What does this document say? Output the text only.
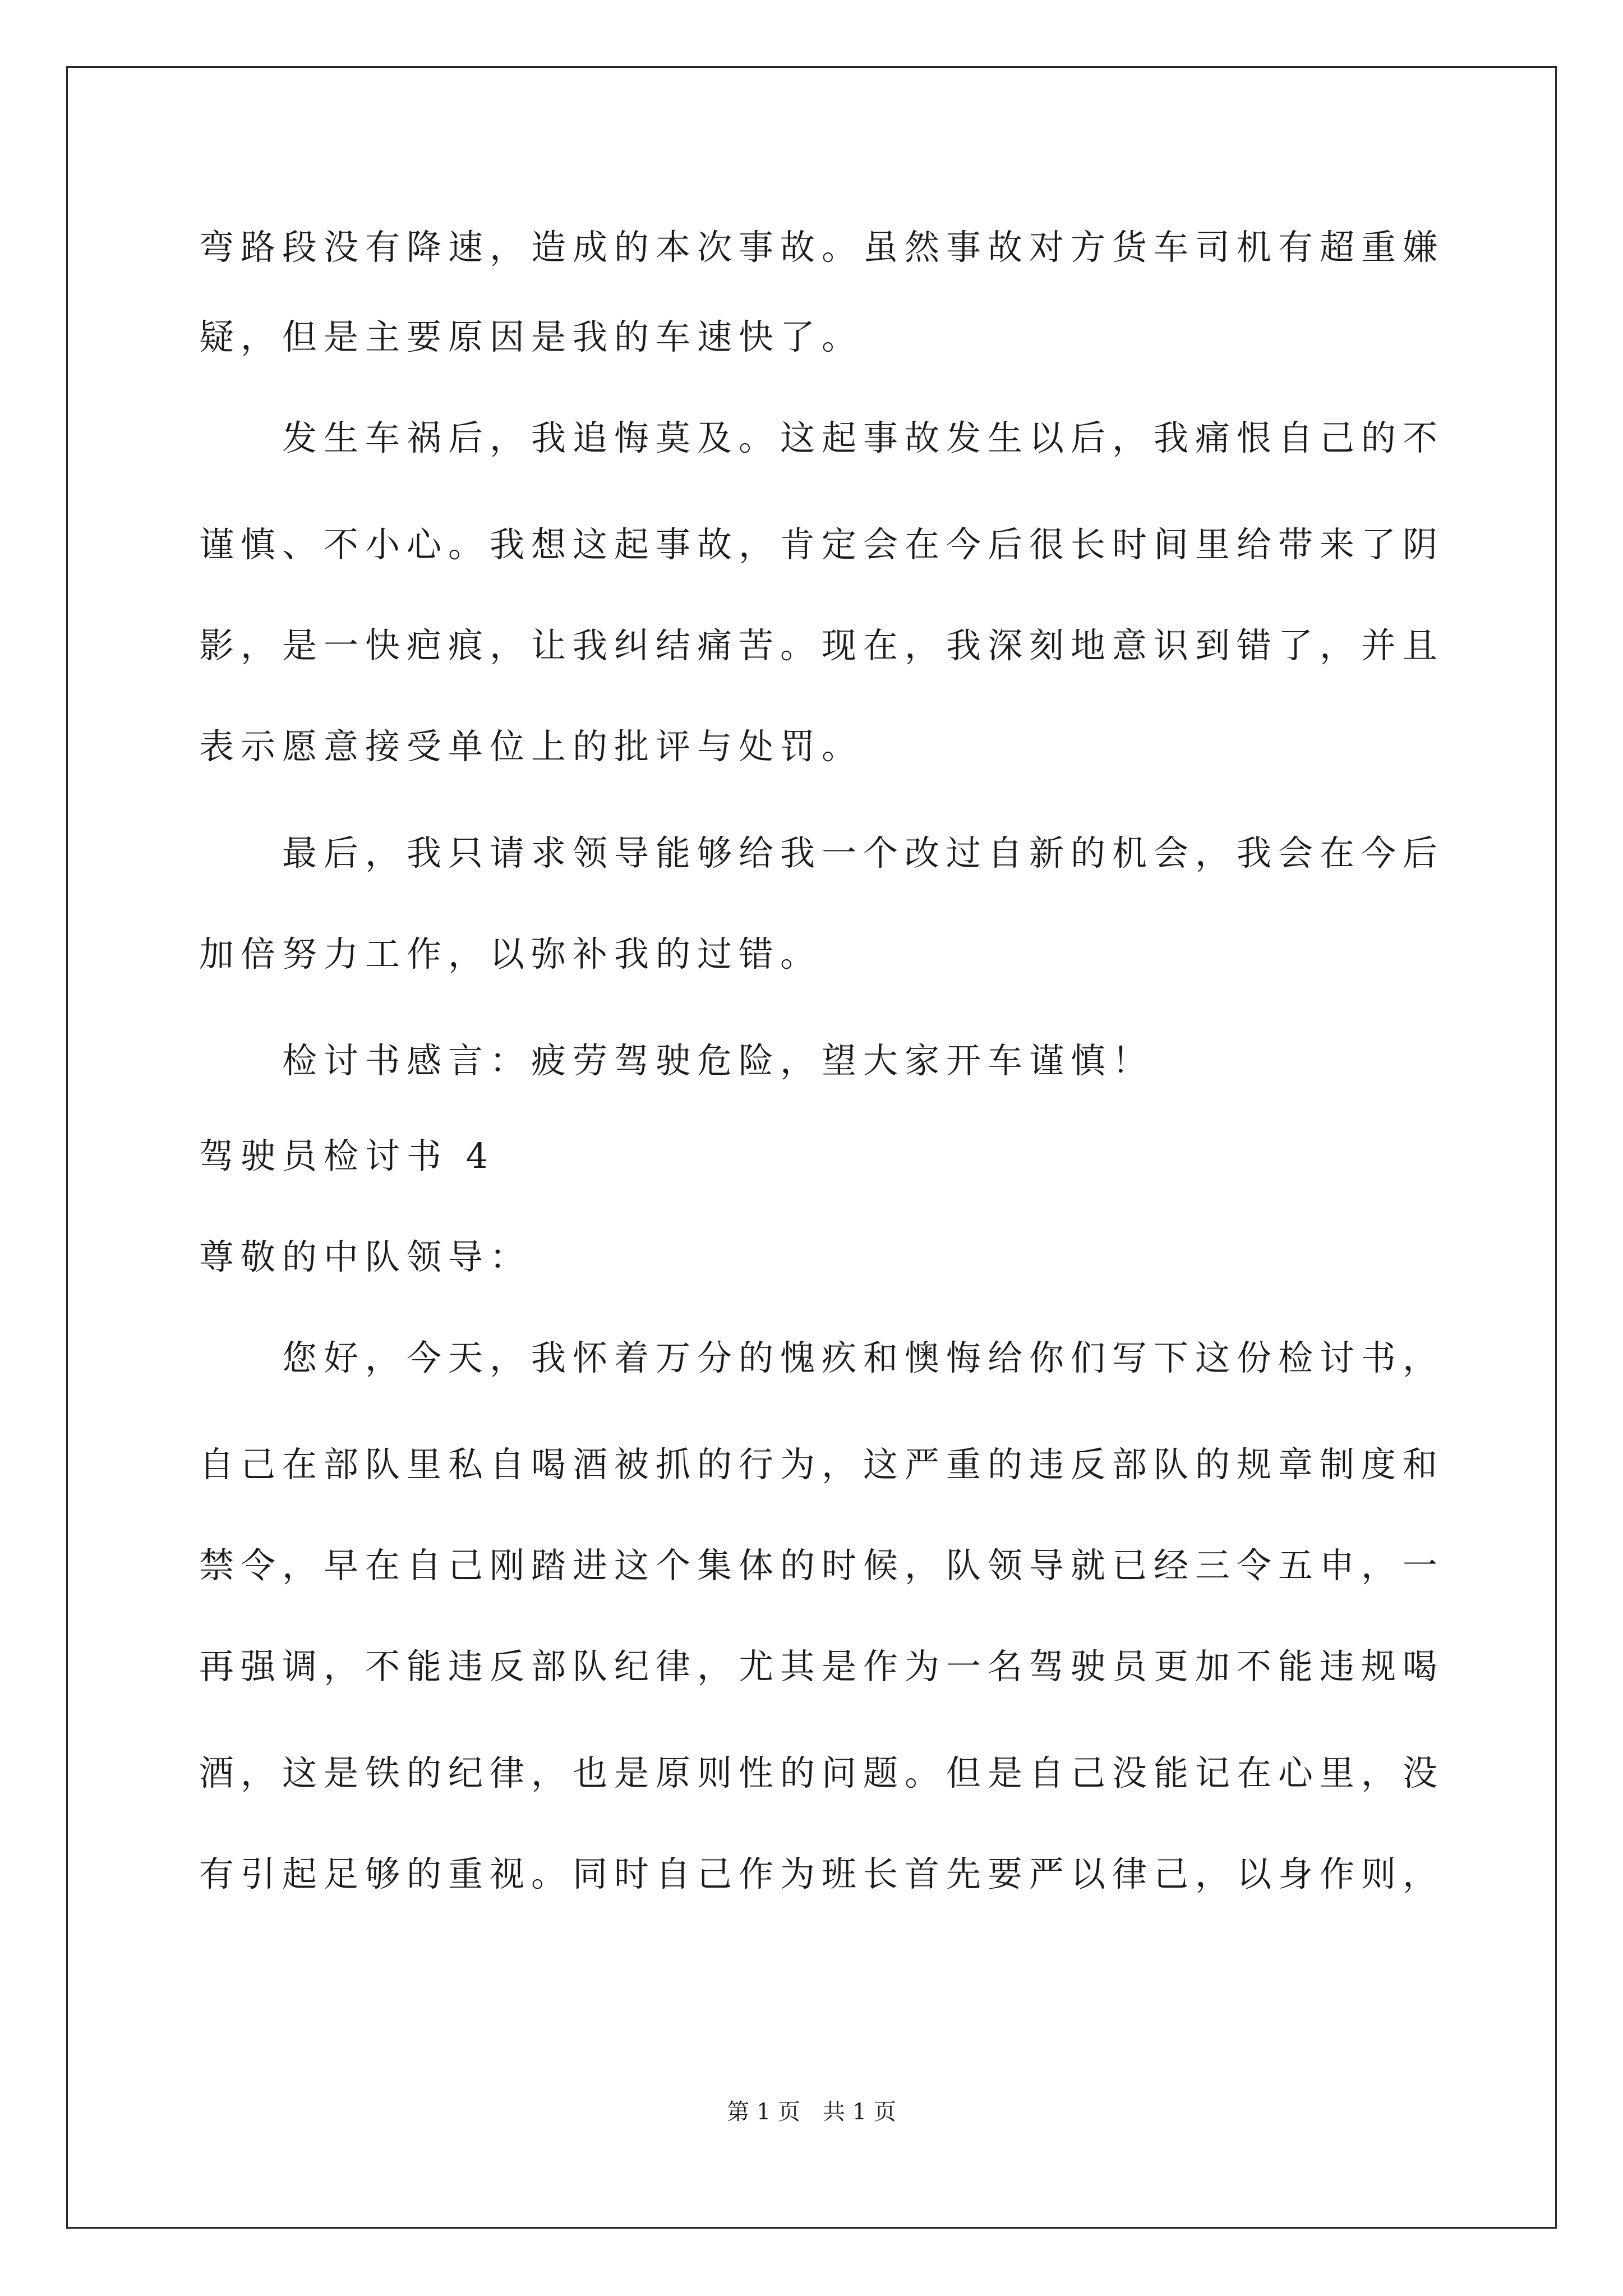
弯路段没有降速，造成的本次事故。虽然事故对方货车司机有超重嫌
疑，但是主要原因是我的车速快了。
发生车祸后，我追悔莫及。这起事故发生以后，我痛恨自己的不
谨慎、不小心。我想这起事故，肯定会在今后很长时间里给带来了阴
影，是一快疤痕，让我纠结痛苦。现在，我深刻地意识到错了，并且
表示愿意接受单位上的批评与处罚。
最后，我只请求领导能够给我一个改过自新的机会，我会在今后
加倍努力工作，以弥补我的过错。
检讨书感言：疲劳驾驶危险，望大家开车谨慎！
驾驶员检讨书 4
尊敬的中队领导：
您好，今天，我怀着万分的愧疚和懊悔给你们写下这份检讨书，
自己在部队里私自喝酒被抓的行为，这严重的违反部队的规章制度和
禁令，早在自己刚踏进这个集体的时候，队领导就已经三令五申，一
再强调，不能违反部队纪律，尤其是作为一名驾驶员更加不能违规喝
酒，这是铁的纪律，也是原则性的问题。但是自己没能记在心里，没
有引起足够的重视。同时自己作为班长首先要严以律己，以身作则，
第 1 页　共 1 页
